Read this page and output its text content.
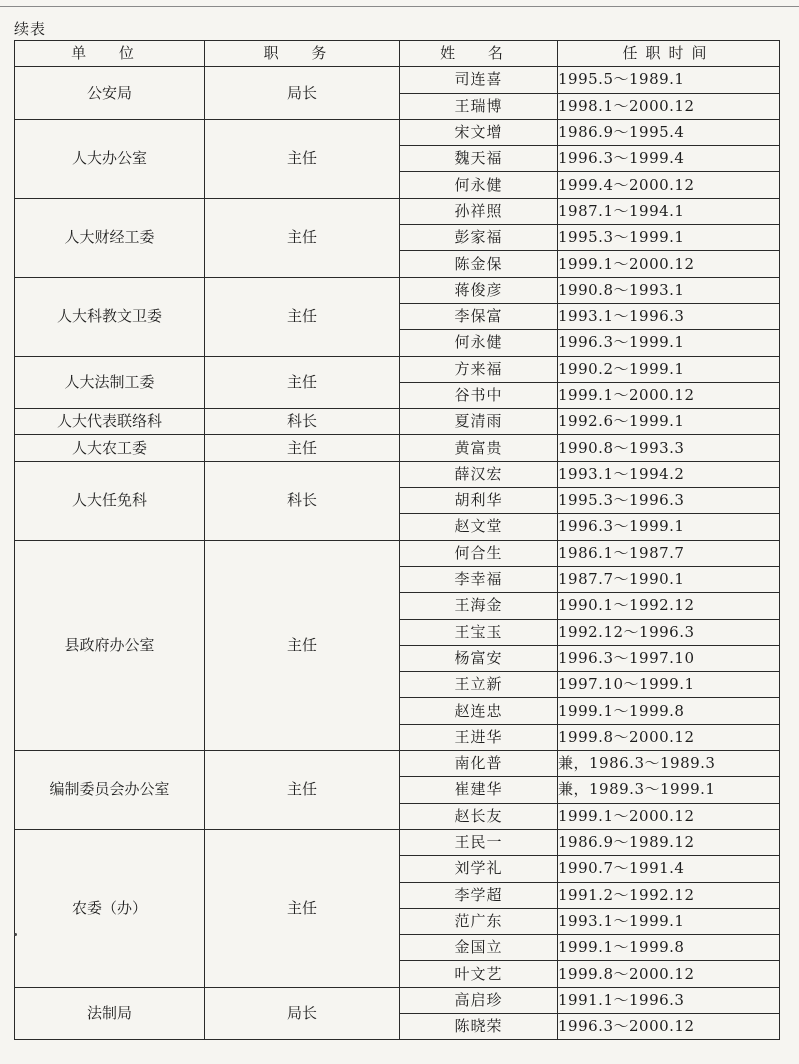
续表
单 位	职 务	姓 名	任职时间
公安局	局长	司连喜	1995.5～1989.1
		王瑞博	1998.1～2000.12
人大办公室	主任	宋文增	1986.9～1995.4
		魏天福	1996.3～1999.4
		何永健	1999.4～2000.12
人大财经工委	主任	孙祥照	1987.1～1994.1
		彭家福	1995.3～1999.1
		陈金保	1999.1～2000.12
人大科教文卫委	主任	蒋俊彦	1990.8～1993.1
		李保富	1993.1～1996.3
		何永健	1996.3～1999.1
人大法制工委	主任	方来福	1990.2～1999.1
		谷书中	1999.1～2000.12
人大代表联络科	科长	夏清雨	1992.6～1999.1
人大农工委	主任	黄富贵	1990.8～1993.3
人大任免科	科长	薛汉宏	1993.1～1994.2
		胡利华	1995.3～1996.3
		赵文堂	1996.3～1999.1
县政府办公室	主任	何合生	1986.1～1987.7
		李幸福	1987.7～1990.1
		王海金	1990.1～1992.12
		王宝玉	1992.12～1996.3
		杨富安	1996.3～1997.10
		王立新	1997.10～1999.1
		赵连忠	1999.1～1999.8
		王进华	1999.8～2000.12
编制委员会办公室	主任	南化普	兼，1986.3～1989.3
		崔建华	兼，1989.3～1999.1
		赵长友	1999.1～2000.12
农委（办）	主任	王民一	1986.9～1989.12
		刘学礼	1990.7～1991.4
		李学超	1991.2～1992.12
		范广东	1993.1～1999.1
		金国立	1999.1～1999.8
		叶文艺	1999.8～2000.12
法制局	局长	高启珍	1991.1～1996.3
		陈晓荣	1996.3～2000.12
